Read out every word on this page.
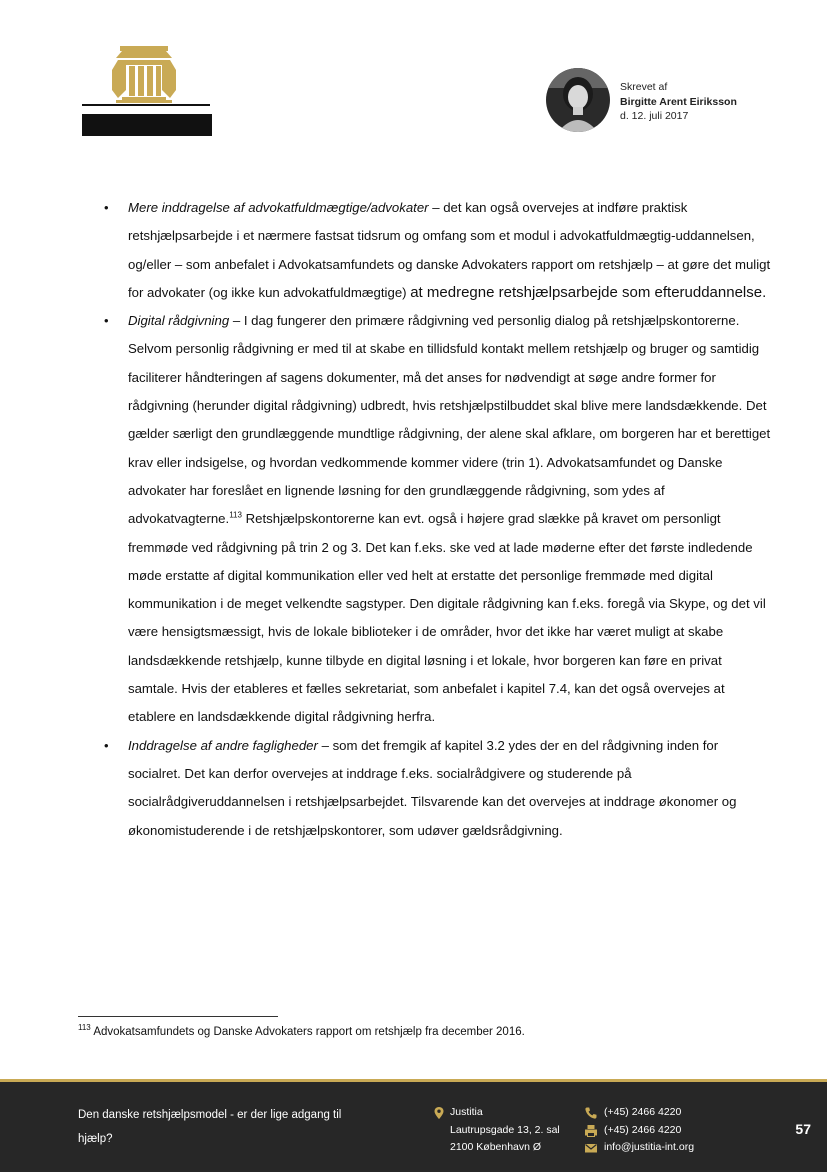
Skrevet af
Birgitte Arent Eiriksson
d. 12. juli 2017
• Mere inddragelse af advokatfuldmægtige/advokater – det kan også overvejes at indføre praktisk retshjælpsarbejde i et nærmere fastsat tidsrum og omfang som et modul i advokatfuldmægtig-uddannelsen, og/eller – som anbefalet i Advokatsamfundets og danske Advokaters rapport om retshjælp – at gøre det muligt for advokater (og ikke kun advokatfuldmægtige) at medregne retshjælpsarbejde som efteruddannelse.
• Digital rådgivning – I dag fungerer den primære rådgivning ved personlig dialog på retshjælpskontorerne. Selvom personlig rådgivning er med til at skabe en tillidsfuld kontakt mellem retshjælp og bruger og samtidig faciliterer håndteringen af sagens dokumenter, må det anses for nødvendigt at søge andre former for rådgivning (herunder digital rådgivning) udbredt, hvis retshjælpstilbuddet skal blive mere landsdækkende. Det gælder særligt den grundlæggende mundtlige rådgivning, der alene skal afklare, om borgeren har et berettiget krav eller indsigelse, og hvordan vedkommende kommer videre (trin 1). Advokatsamfundet og Danske advokater har foreslået en lignende løsning for den grundlæggende rådgivning, som ydes af advokatvagterne.$^{113}$ Retshjælpskontorerne kan evt. også i højere grad slække på kravet om personligt fremmøde ved rådgivning på trin 2 og 3. Det kan f.eks. ske ved at lade møderne efter det første indledende møde erstatte af digital kommunikation eller ved helt at erstatte det personlige fremmøde med digital kommunikation i de meget velkendte sagstyper. Den digitale rådgivning kan f.eks. foregå via Skype, og det vil være hensigtsmæssigt, hvis de lokale biblioteker i de områder, hvor det ikke har været muligt at skabe landsdækkende retshjælp, kunne tilbyde en digital løsning i et lokale, hvor borgeren kan føre en privat samtale. Hvis der etableres et fælles sekretariat, som anbefalet i kapitel 7.4, kan det også overvejes at etablere en landsdækkende digital rådgivning herfra.
• Inddragelse af andre fagligheder – som det fremgik af kapitel 3.2 ydes der en del rådgivning inden for socialret. Det kan derfor overvejes at inddrage f.eks. socialrådgivere og studerende på socialrådgiveruddannelsen i retshjælpsarbejdet. Tilsvarende kan det overvejes at inddrage økonomer og økonomistuderende i de retshjælpskontorer, som udøver gældsrådgivning.
$^{113}$ Advokatsamfundets og Danske Advokaters rapport om retshjælp fra december 2016.
Den danske retshjælpsmodel - er der lige adgang til hjælp?
Justitia
Lautrupsgade 13, 2. sal
2100 København Ø
(+45) 2466 4220
(+45) 2466 4220
info@justitia-int.org
57
